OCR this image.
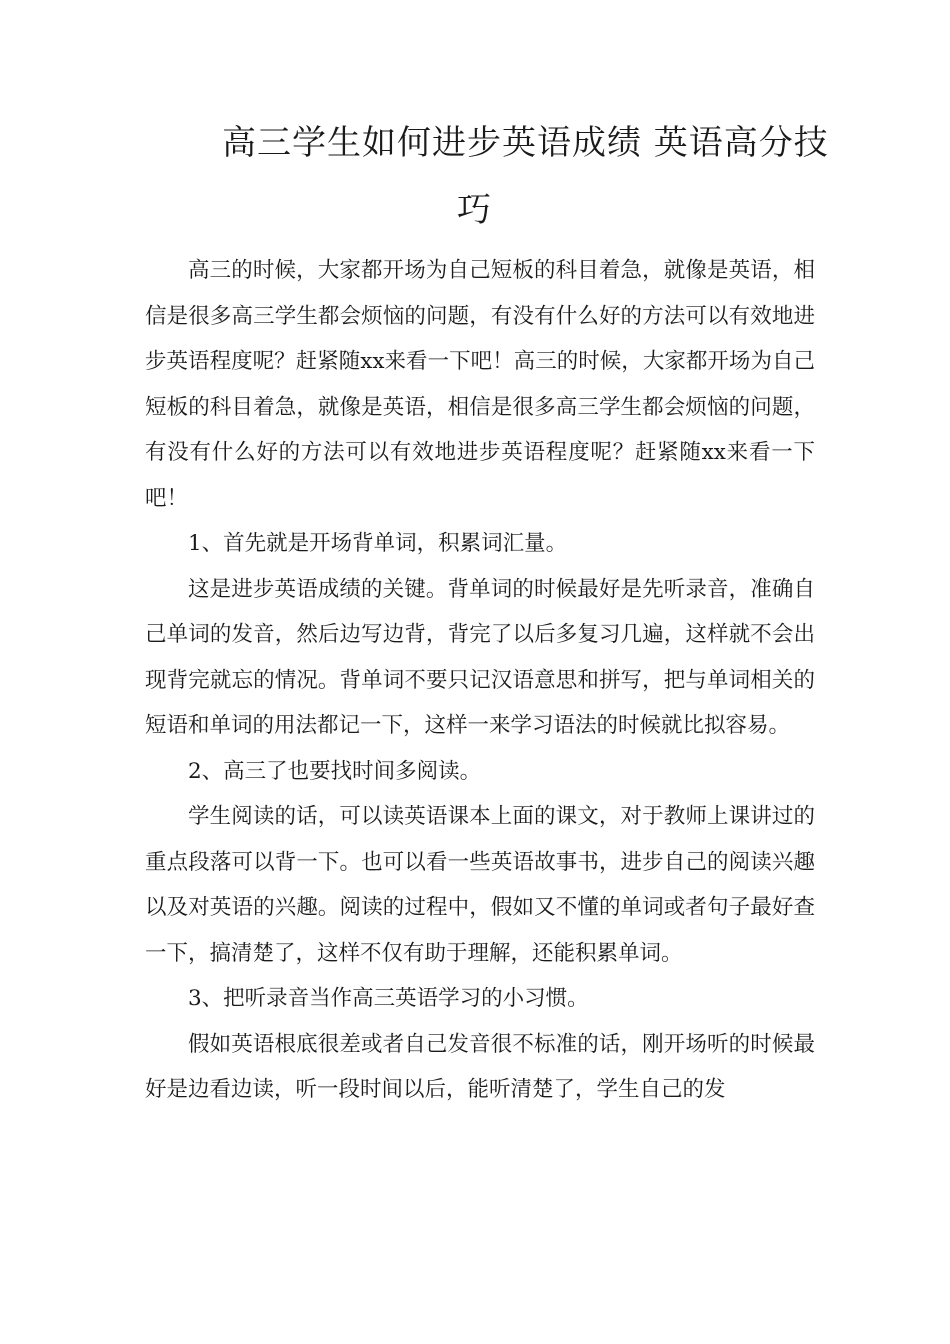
高三学生如何进步英语成绩 英语高分技
巧

高三的时候，大家都开场为自己短板的科目着急，就像是英语，相信是很多高三学生都会烦恼的问题，有没有什么好的方法可以有效地进步英语程度呢？赶紧随xx来看一下吧！高三的时候，大家都开场为自己短板的科目着急，就像是英语，相信是很多高三学生都会烦恼的问题，有没有什么好的方法可以有效地进步英语程度呢？赶紧随xx来看一下吧！

1、首先就是开场背单词，积累词汇量。

这是进步英语成绩的关键。背单词的时候最好是先听录音，准确自己单词的发音，然后边写边背，背完了以后多复习几遍，这样就不会出现背完就忘的情况。背单词不要只记汉语意思和拼写，把与单词相关的短语和单词的用法都记一下，这样一来学习语法的时候就比拟容易。

2、高三了也要找时间多阅读。

学生阅读的话，可以读英语课本上面的课文，对于教师上课讲过的重点段落可以背一下。也可以看一些英语故事书，进步自己的阅读兴趣以及对英语的兴趣。阅读的过程中，假如又不懂的单词或者句子最好查一下，搞清楚了，这样不仅有助于理解，还能积累单词。

3、把听录音当作高三英语学习的小习惯。

假如英语根底很差或者自己发音很不标准的话，刚开场听的时候最好是边看边读，听一段时间以后，能听清楚了，学生自己的发
